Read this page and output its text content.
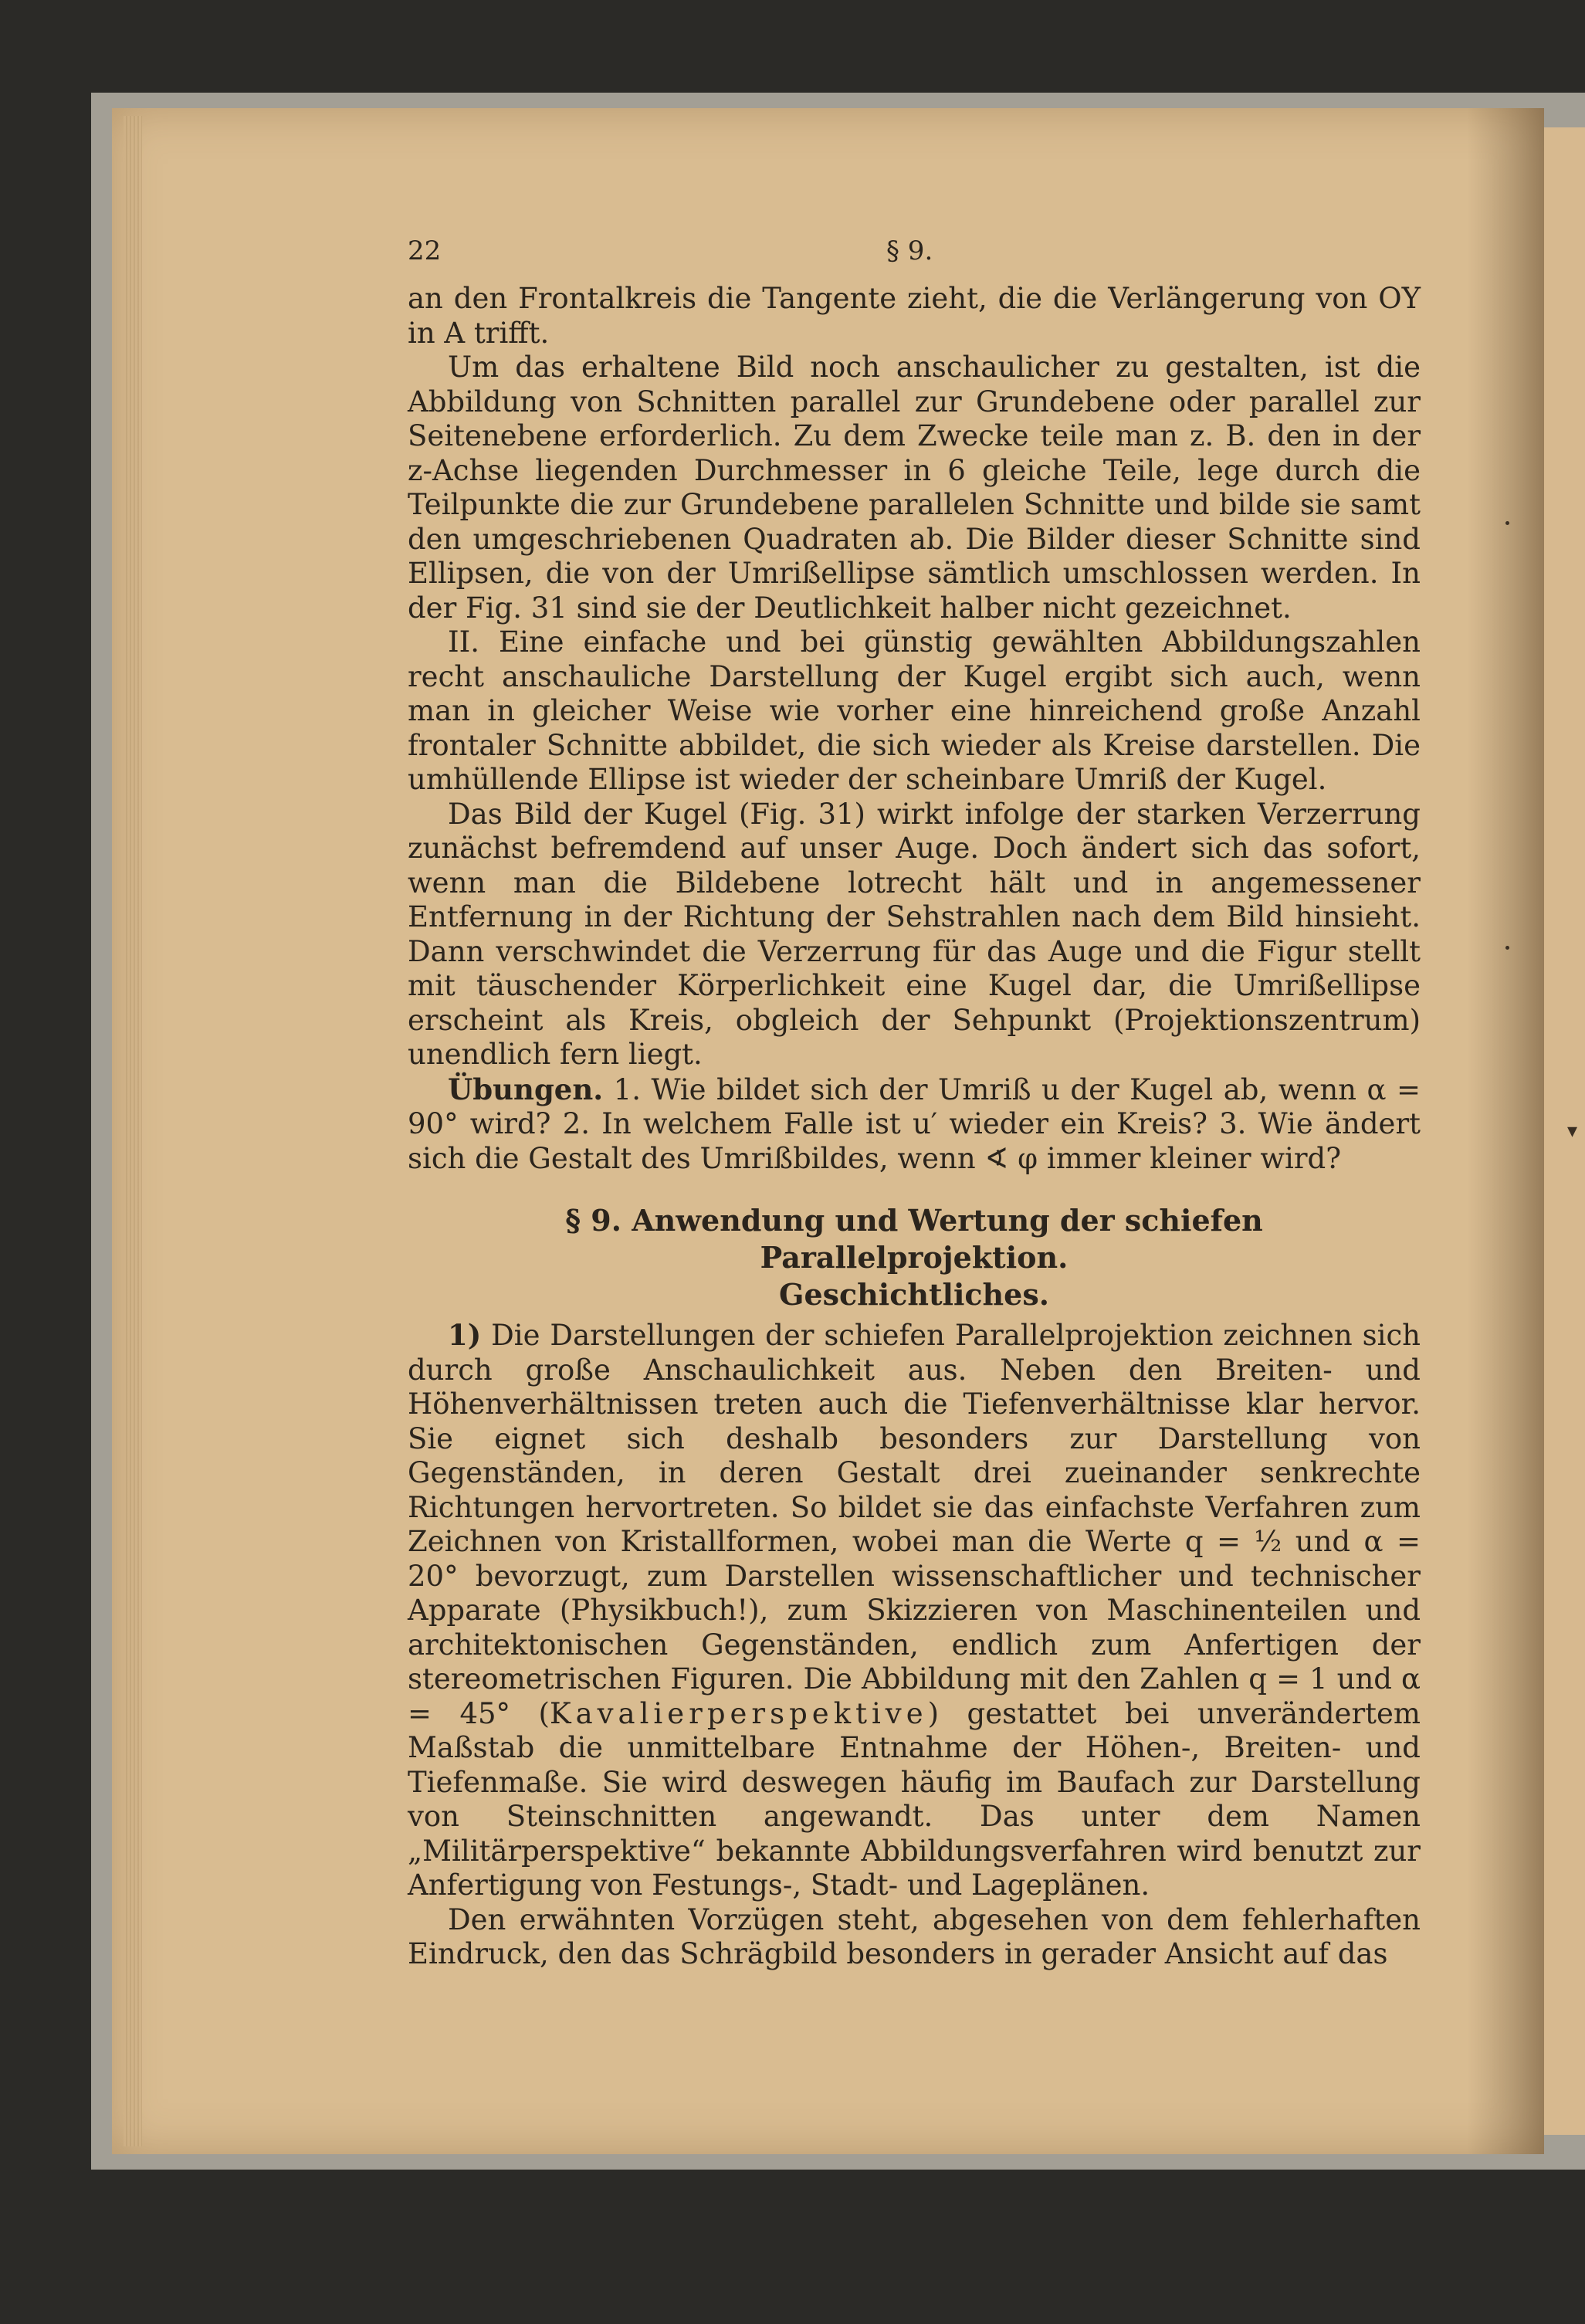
22	§ 9.

an den Frontalkreis die Tangente zieht, die die Verlängerung von OY in A trifft.

Um das erhaltene Bild noch anschaulicher zu gestalten, ist die Abbildung von Schnitten parallel zur Grundebene oder parallel zur Seitenebene erforderlich. Zu dem Zwecke teile man z. B. den in der z-Achse liegenden Durchmesser in 6 gleiche Teile, lege durch die Teilpunkte die zur Grundebene parallelen Schnitte und bilde sie samt den umgeschriebenen Quadraten ab. Die Bilder dieser Schnitte sind Ellipsen, die von der Umrißellipse sämtlich umschlossen werden. In der Fig. 31 sind sie der Deutlichkeit halber nicht gezeichnet.

II. Eine einfache und bei günstig gewählten Abbildungszahlen recht anschauliche Darstellung der Kugel ergibt sich auch, wenn man in gleicher Weise wie vorher eine hinreichend große Anzahl frontaler Schnitte abbildet, die sich wieder als Kreise darstellen. Die umhüllende Ellipse ist wieder der scheinbare Umriß der Kugel.

Das Bild der Kugel (Fig. 31) wirkt infolge der starken Verzerrung zunächst befremdend auf unser Auge. Doch ändert sich das sofort, wenn man die Bildebene lotrecht hält und in angemessener Entfernung in der Richtung der Sehstrahlen nach dem Bild hinsieht. Dann verschwindet die Verzerrung für das Auge und die Figur stellt mit täuschender Körperlichkeit eine Kugel dar, die Umrißellipse erscheint als Kreis, obgleich der Sehpunkt (Projektionszentrum) unendlich fern liegt.

Übungen. 1. Wie bildet sich der Umriß u der Kugel ab, wenn α = 90° wird? 2. In welchem Falle ist u′ wieder ein Kreis? 3. Wie ändert sich die Gestalt des Umrißbildes, wenn ∢ φ immer kleiner wird?

§ 9. Anwendung und Wertung der schiefen Parallelprojektion.
Geschichtliches.

1) Die Darstellungen der schiefen Parallelprojektion zeichnen sich durch große Anschaulichkeit aus. Neben den Breiten- und Höhenverhältnissen treten auch die Tiefenverhältnisse klar hervor. Sie eignet sich deshalb besonders zur Darstellung von Gegenständen, in deren Gestalt drei zueinander senkrechte Richtungen hervortreten. So bildet sie das einfachste Verfahren zum Zeichnen von Kristallformen, wobei man die Werte q = ½ und α = 20° bevorzugt, zum Darstellen wissenschaftlicher und technischer Apparate (Physikbuch!), zum Skizzieren von Maschinenteilen und architektonischen Gegenständen, endlich zum Anfertigen der stereometrischen Figuren. Die Abbildung mit den Zahlen q = 1 und α = 45° (Kavalierperspektive) gestattet bei unverändertem Maßstab die unmittelbare Entnahme der Höhen-, Breiten- und Tiefenmaße. Sie wird deswegen häufig im Baufach zur Darstellung von Steinschnitten angewandt. Das unter dem Namen „Militärperspektive“ bekannte Abbildungsverfahren wird benutzt zur Anfertigung von Festungs-, Stadt- und Lageplänen.

Den erwähnten Vorzügen steht, abgesehen von dem fehlerhaften Eindruck, den das Schrägbild besonders in gerader Ansicht auf das

▾
